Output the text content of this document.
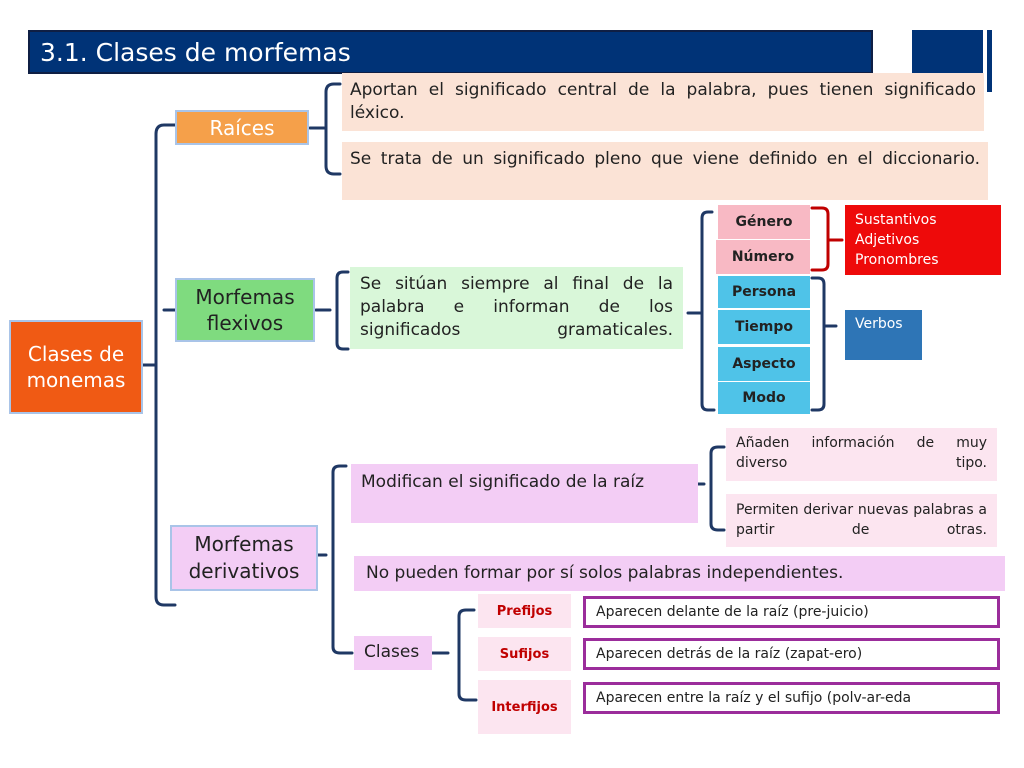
3.1. Clases de morfemas
Clases de monemas
Raíces
Aportan el significado central de la palabra, pues tienen significado léxico.
Se trata de un significado pleno que viene definido en el diccionario.
Morfemas flexivos
Se sitúan siempre al final de la palabra e informan de los significados gramaticales.
Género
Número
Persona
Tiempo
Aspecto
Modo
Sustantivos
Adjetivos
Pronombres
Verbos
Morfemas derivativos
Modifican el significado de la raíz
Añaden información de muy diverso tipo.
Permiten derivar nuevas palabras a partir de otras.
No pueden formar por sí solos palabras independientes.
Clases
Prefijos	Aparecen delante de la raíz (pre-juicio)
Sufijos	Aparecen detrás de la raíz (zapat-ero)
Interfijos
Aparecen entre la raíz y el sufijo (polv-ar-eda
